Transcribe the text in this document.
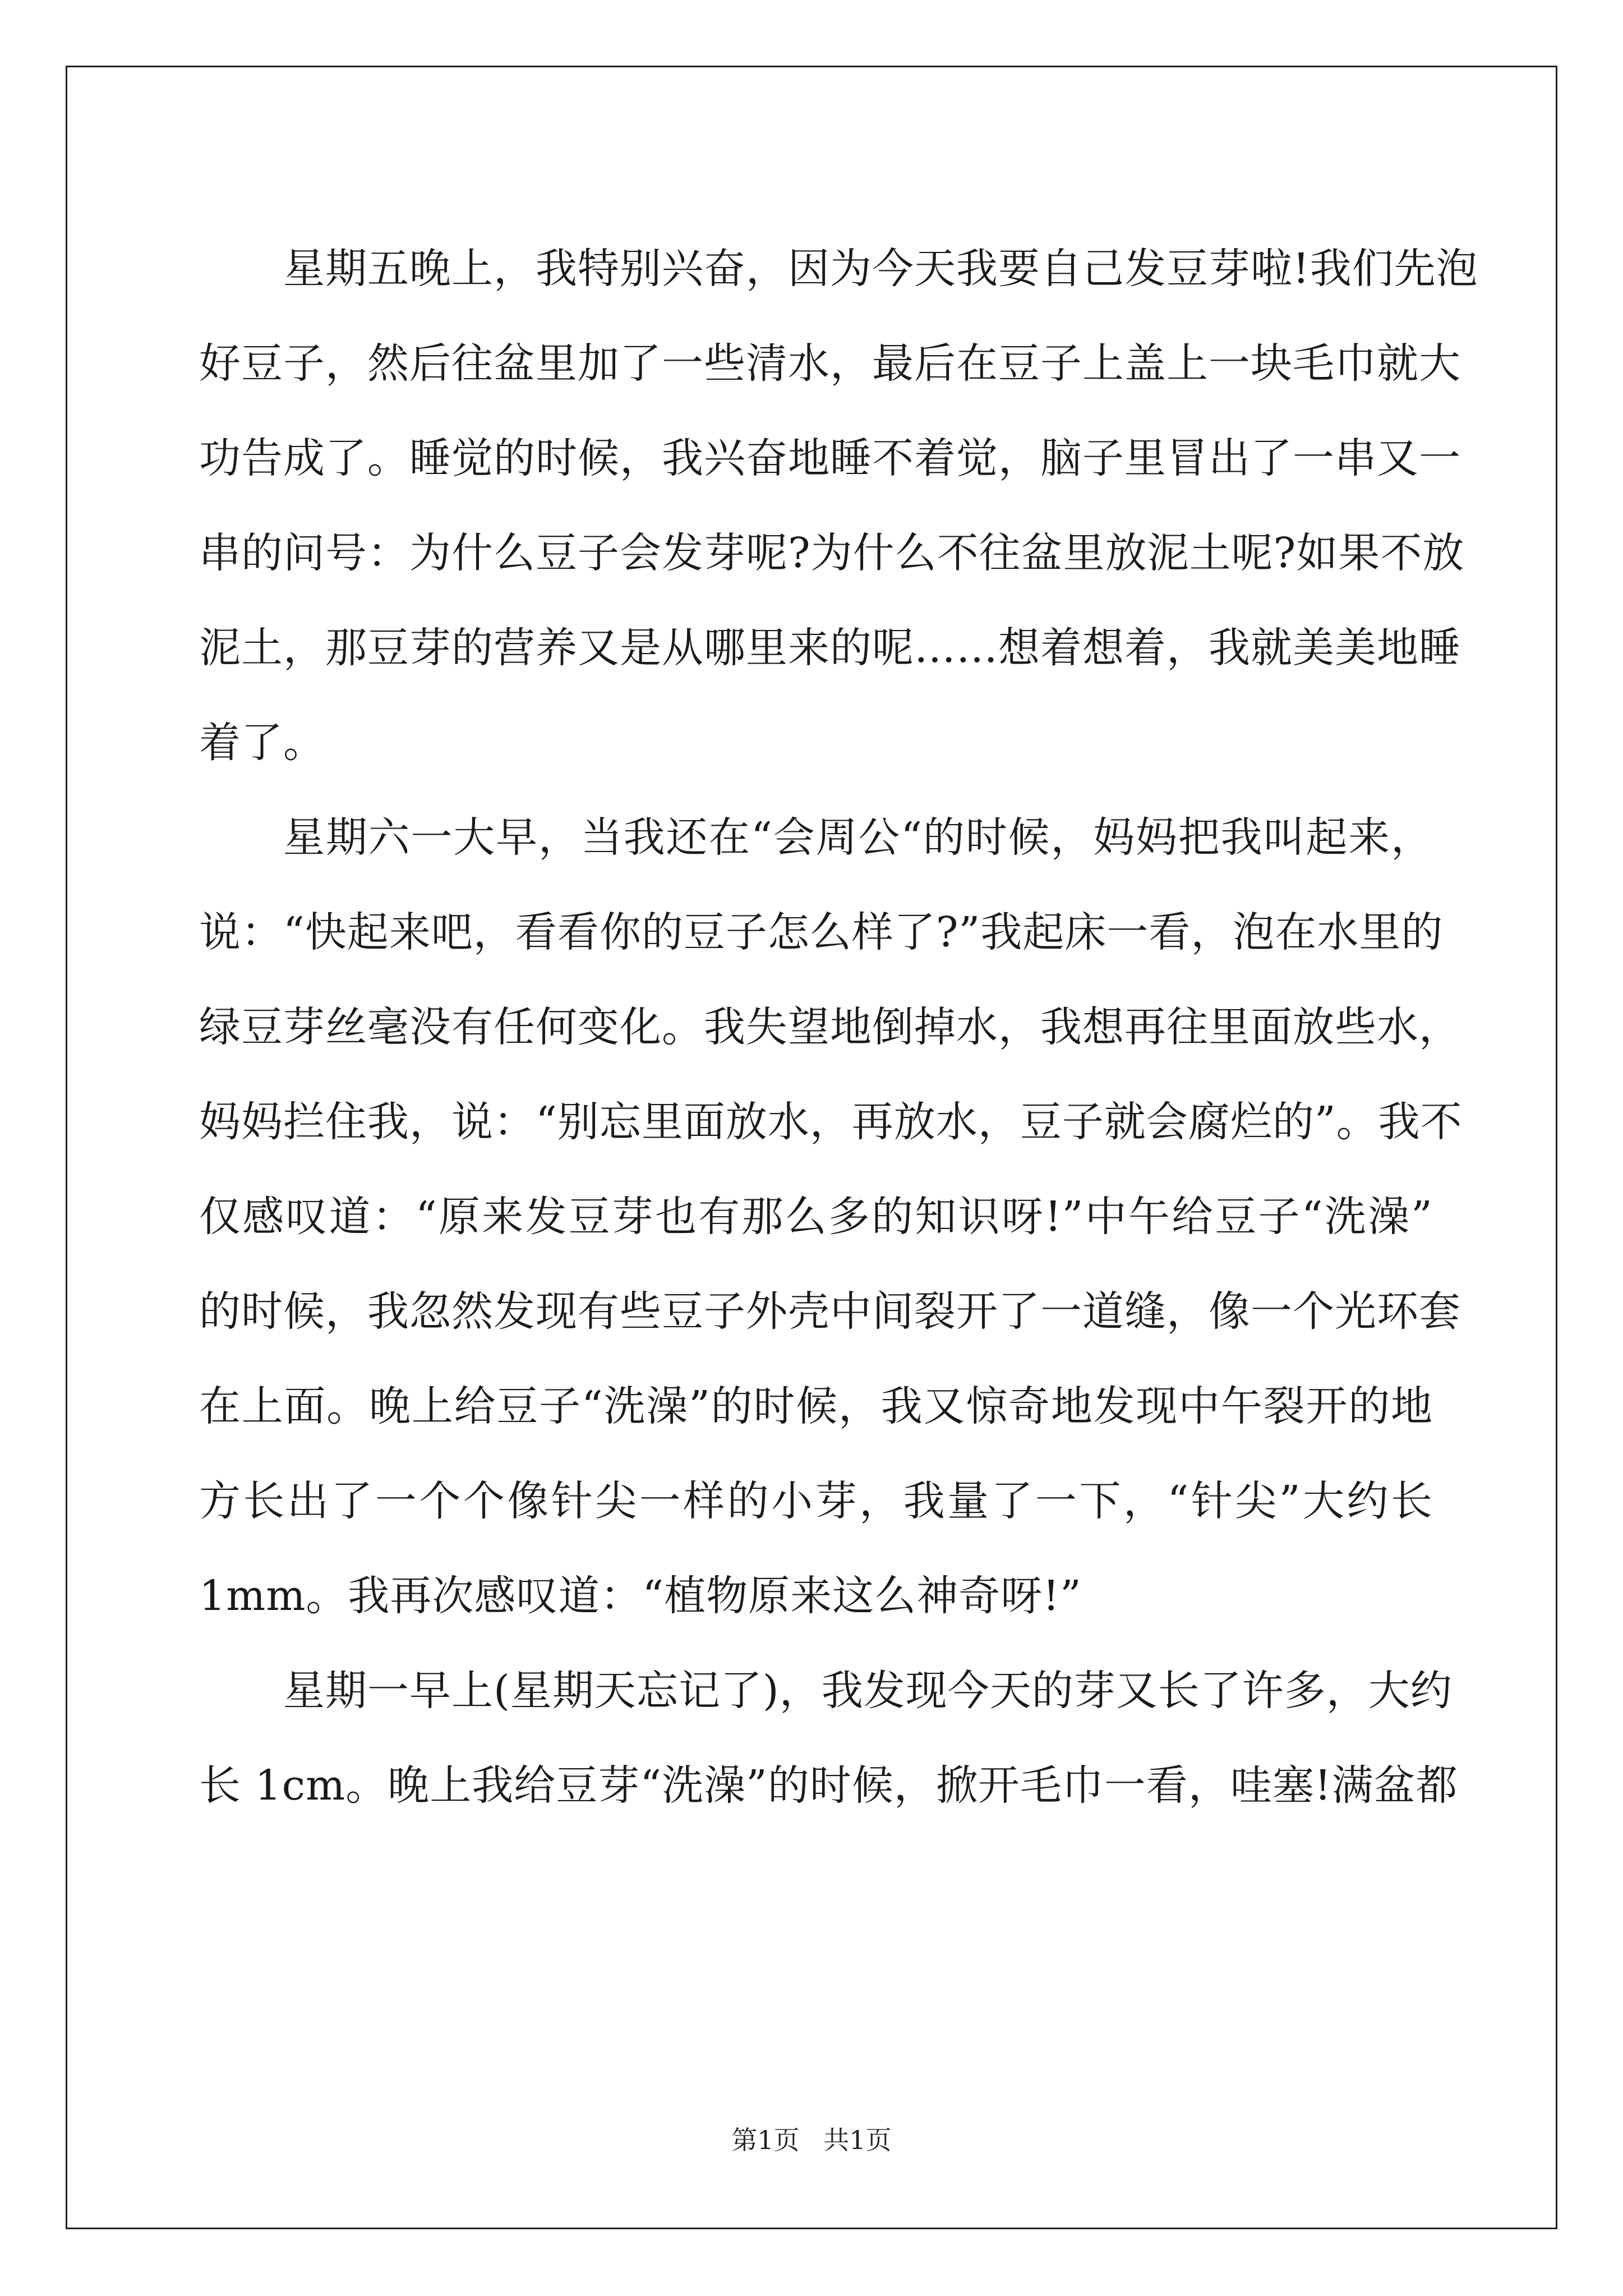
星期五晚上，我特别兴奋，因为今天我要自己发豆芽啦!我们先泡
好豆子，然后往盆里加了一些清水，最后在豆子上盖上一块毛巾就大
功告成了。睡觉的时候，我兴奋地睡不着觉，脑子里冒出了一串又一
串的问号：为什么豆子会发芽呢?为什么不往盆里放泥土呢?如果不放
泥土，那豆芽的营养又是从哪里来的呢……想着想着，我就美美地睡
着了。
星期六一大早，当我还在“会周公“的时候，妈妈把我叫起来，
说：“快起来吧，看看你的豆子怎么样了?”我起床一看，泡在水里的
绿豆芽丝毫没有任何变化。我失望地倒掉水，我想再往里面放些水，
妈妈拦住我，说：“别忘里面放水，再放水，豆子就会腐烂的”。我不
仅感叹道：“原来发豆芽也有那么多的知识呀!”中午给豆子“洗澡”
的时候，我忽然发现有些豆子外壳中间裂开了一道缝，像一个光环套
在上面。晚上给豆子“洗澡”的时候，我又惊奇地发现中午裂开的地
方长出了一个个像针尖一样的小芽，我量了一下，“针尖”大约长
1mm。我再次感叹道：“植物原来这么神奇呀!”
星期一早上(星期天忘记了)，我发现今天的芽又长了许多，大约
长 1cm。晚上我给豆芽“洗澡”的时候，掀开毛巾一看，哇塞!满盆都
第1页 共1页
